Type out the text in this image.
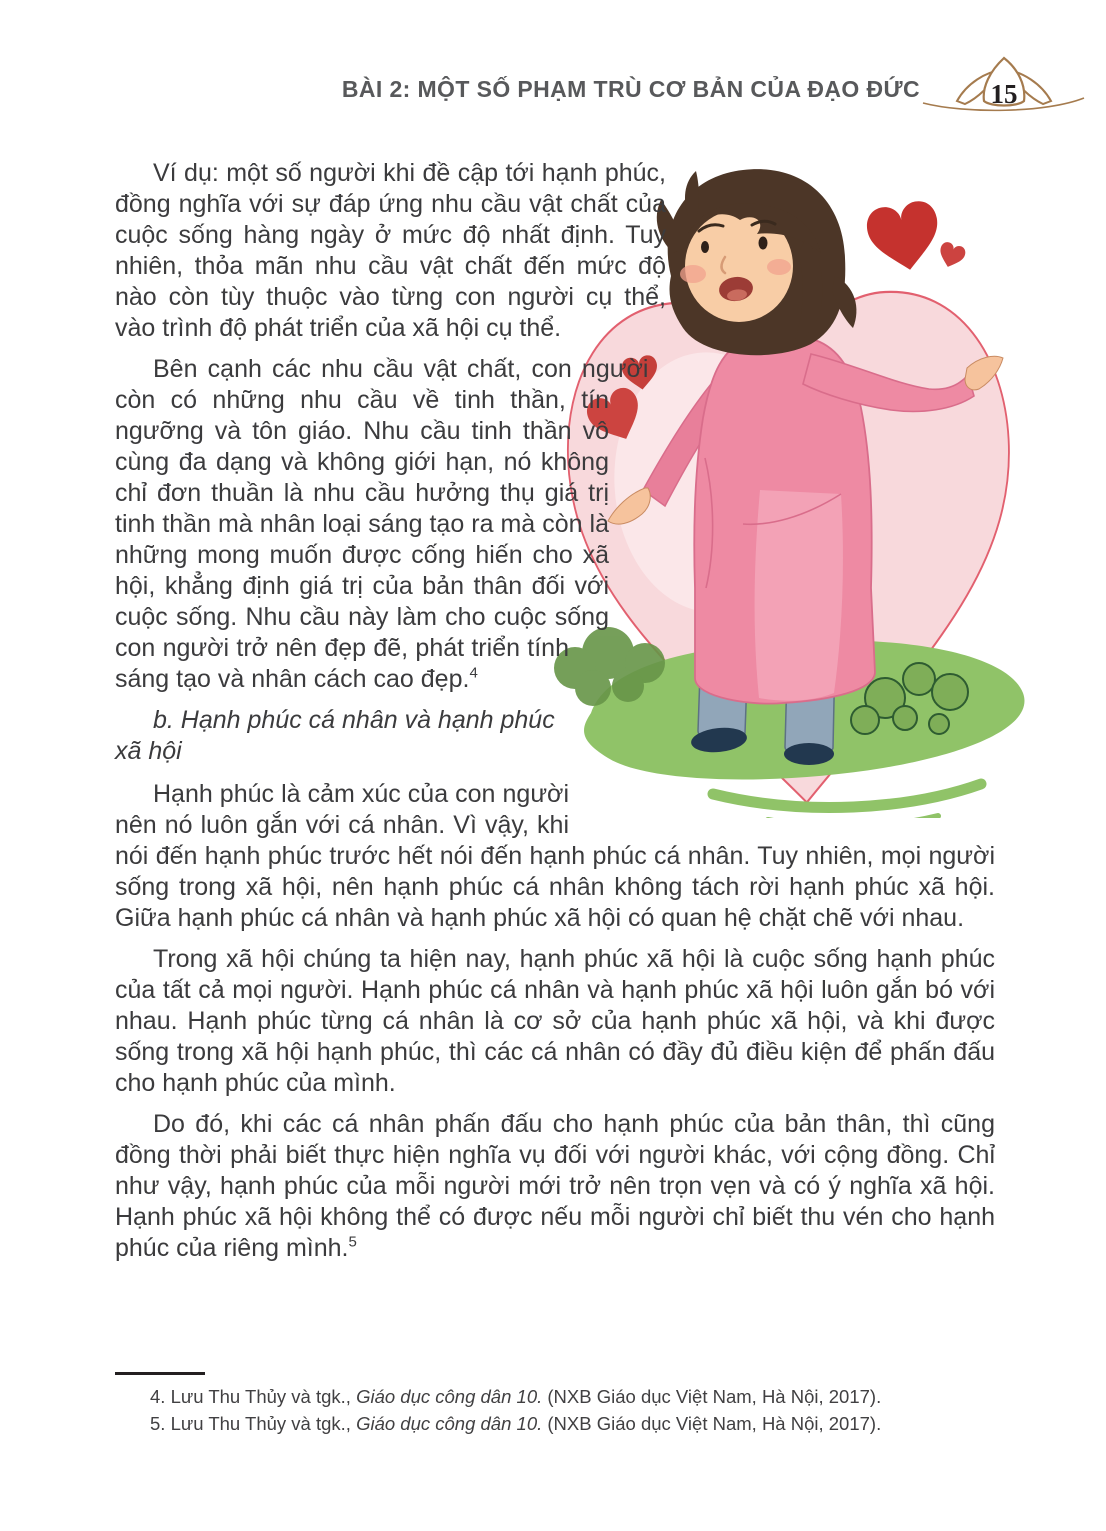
BÀI 2: MỘT SỐ PHẠM TRÙ CƠ BẢN CỦA ĐẠO ĐỨC	15

Ví dụ: một số người khi đề cập tới hạnh phúc, đồng nghĩa với sự đáp ứng nhu cầu vật chất của cuộc sống hàng ngày ở mức độ nhất định. Tuy nhiên, thỏa mãn nhu cầu vật chất đến mức độ nào còn tùy thuộc vào từng con người cụ thể, vào trình độ phát triển của xã hội cụ thể.

Bên cạnh các nhu cầu vật chất, con người còn có những nhu cầu về tinh thần, tín ngưỡng và tôn giáo. Nhu cầu tinh thần vô cùng đa dạng và không giới hạn, nó không chỉ đơn thuần là nhu cầu hưởng thụ giá trị tinh thần mà nhân loại sáng tạo ra mà còn là những mong muốn được cống hiến cho xã hội, khẳng định giá trị của bản thân đối với cuộc sống. Nhu cầu này làm cho cuộc sống con người trở nên đẹp đẽ, phát triển tính sáng tạo và nhân cách cao đẹp.$^4$

b. Hạnh phúc cá nhân và hạnh phúc xã hội

Hạnh phúc là cảm xúc của con người nên nó luôn gắn với cá nhân. Vì vậy, khi nói đến hạnh phúc trước hết nói đến hạnh phúc cá nhân. Tuy nhiên, mọi người sống trong xã hội, nên hạnh phúc cá nhân không tách rời hạnh phúc xã hội. Giữa hạnh phúc cá nhân và hạnh phúc xã hội có quan hệ chặt chẽ với nhau.

Trong xã hội chúng ta hiện nay, hạnh phúc xã hội là cuộc sống hạnh phúc của tất cả mọi người. Hạnh phúc cá nhân và hạnh phúc xã hội luôn gắn bó với nhau. Hạnh phúc từng cá nhân là cơ sở của hạnh phúc xã hội, và khi được sống trong xã hội hạnh phúc, thì các cá nhân có đầy đủ điều kiện để phấn đấu cho hạnh phúc của mình.

Do đó, khi các cá nhân phấn đấu cho hạnh phúc của bản thân, thì cũng đồng thời phải biết thực hiện nghĩa vụ đối với người khác, với cộng đồng. Chỉ như vậy, hạnh phúc của mỗi người mới trở nên trọn vẹn và có ý nghĩa xã hội. Hạnh phúc xã hội không thể có được nếu mỗi người chỉ biết thu vén cho hạnh phúc của riêng mình.$^5$

4. Lưu Thu Thủy và tgk., Giáo dục công dân 10. (NXB Giáo dục Việt Nam, Hà Nội, 2017).

5. Lưu Thu Thủy và tgk., Giáo dục công dân 10. (NXB Giáo dục Việt Nam, Hà Nội, 2017).
